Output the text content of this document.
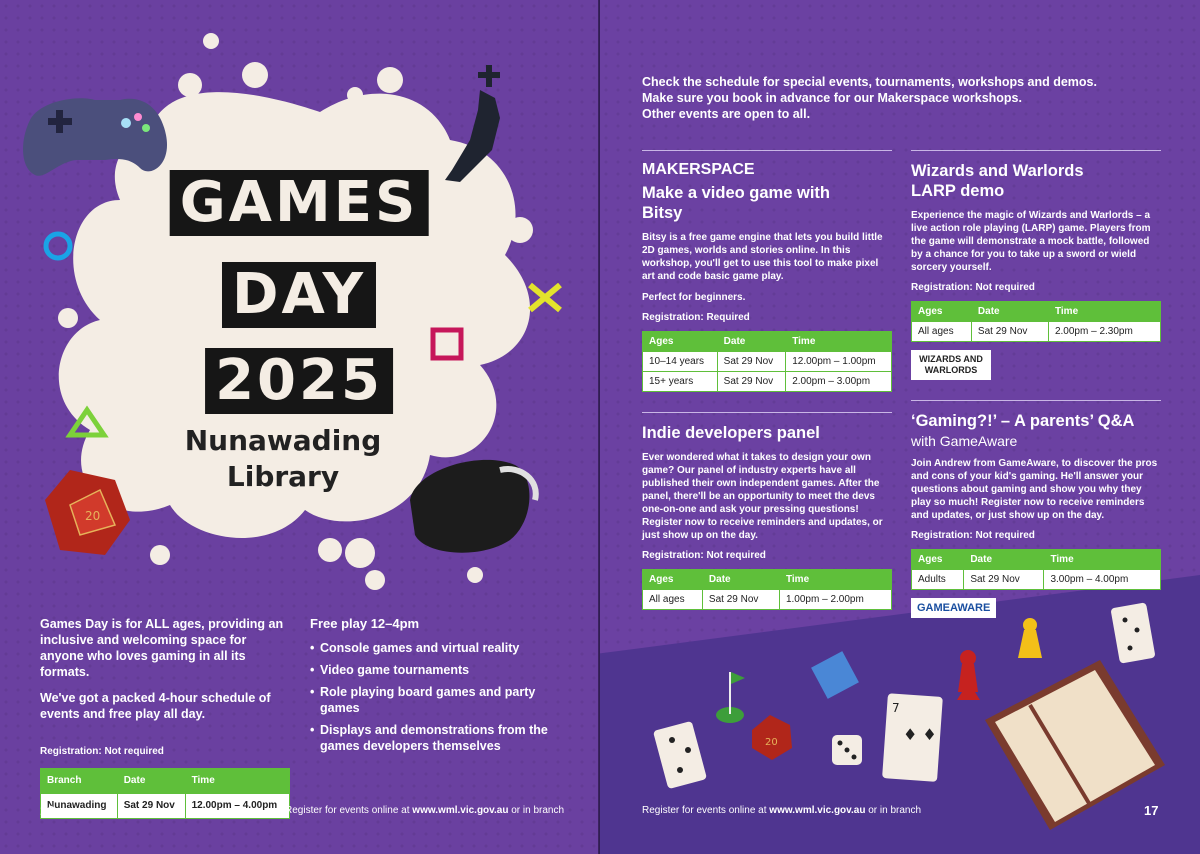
20
GAMES
DAY
2025
Nunawading
Library

Games Day is for ALL ages, providing an inclusive and welcoming space for anyone who loves gaming in all its formats.

We've got a packed 4-hour schedule of events and free play all day.

Registration: Not required
Branch	Date	Time
Nunawading	Sat 29 Nov	12.00pm – 4.00pm
Free play 12–4pm
• Console games and virtual reality
• Video game tournaments
• Role playing board games and party games
• Displays and demonstrations from the games developers themselves
16	Register for events online at www.wml.vic.gov.au or in branch
Check the schedule for special events, tournaments, workshops and demos.
Make sure you book in advance for our Makerspace workshops.
Other events are open to all.
MAKERSPACE
Make a video game with Bitsy
Bitsy is a free game engine that lets you build little 2D games, worlds and stories online. In this workshop, you'll get to use this tool to make pixel art and code basic game play.
Perfect for beginners.
Registration: Required
Ages	Date	Time
10–14 years	Sat 29 Nov	12.00pm – 1.00pm
15+ years	Sat 29 Nov	2.00pm – 3.00pm
Indie developers panel
Ever wondered what it takes to design your own game? Our panel of industry experts have all published their own independent games. After the panel, there'll be an opportunity to meet the devs one-on-one and ask your pressing questions! Register now to receive reminders and updates, or just show up on the day.
Registration: Not required
Ages	Date	Time
All ages	Sat 29 Nov	1.00pm – 2.00pm
Wizards and Warlords LARP demo
Experience the magic of Wizards and Warlords – a live action role playing (LARP) game. Players from the game will demonstrate a mock battle, followed by a chance for you to take up a sword or wield sorcery yourself.
Registration: Not required
Ages	Date	Time
All ages	Sat 29 Nov	2.00pm – 2.30pm
WIZARDS AND WARLORDS
‘Gaming?!’ – A parents’ Q&A
with GameAware
Join Andrew from GameAware, to discover the pros and cons of your kid's gaming. He'll answer your questions about gaming and show you why they play so much! Register now to receive reminders and updates, or just show up on the day.
Registration: Not required
Ages	Date	Time
Adults	Sat 29 Nov	3.00pm – 4.00pm
GAMEAWARE
20
7
♦ ♦
Register for events online at www.wml.vic.gov.au or in branch	17
